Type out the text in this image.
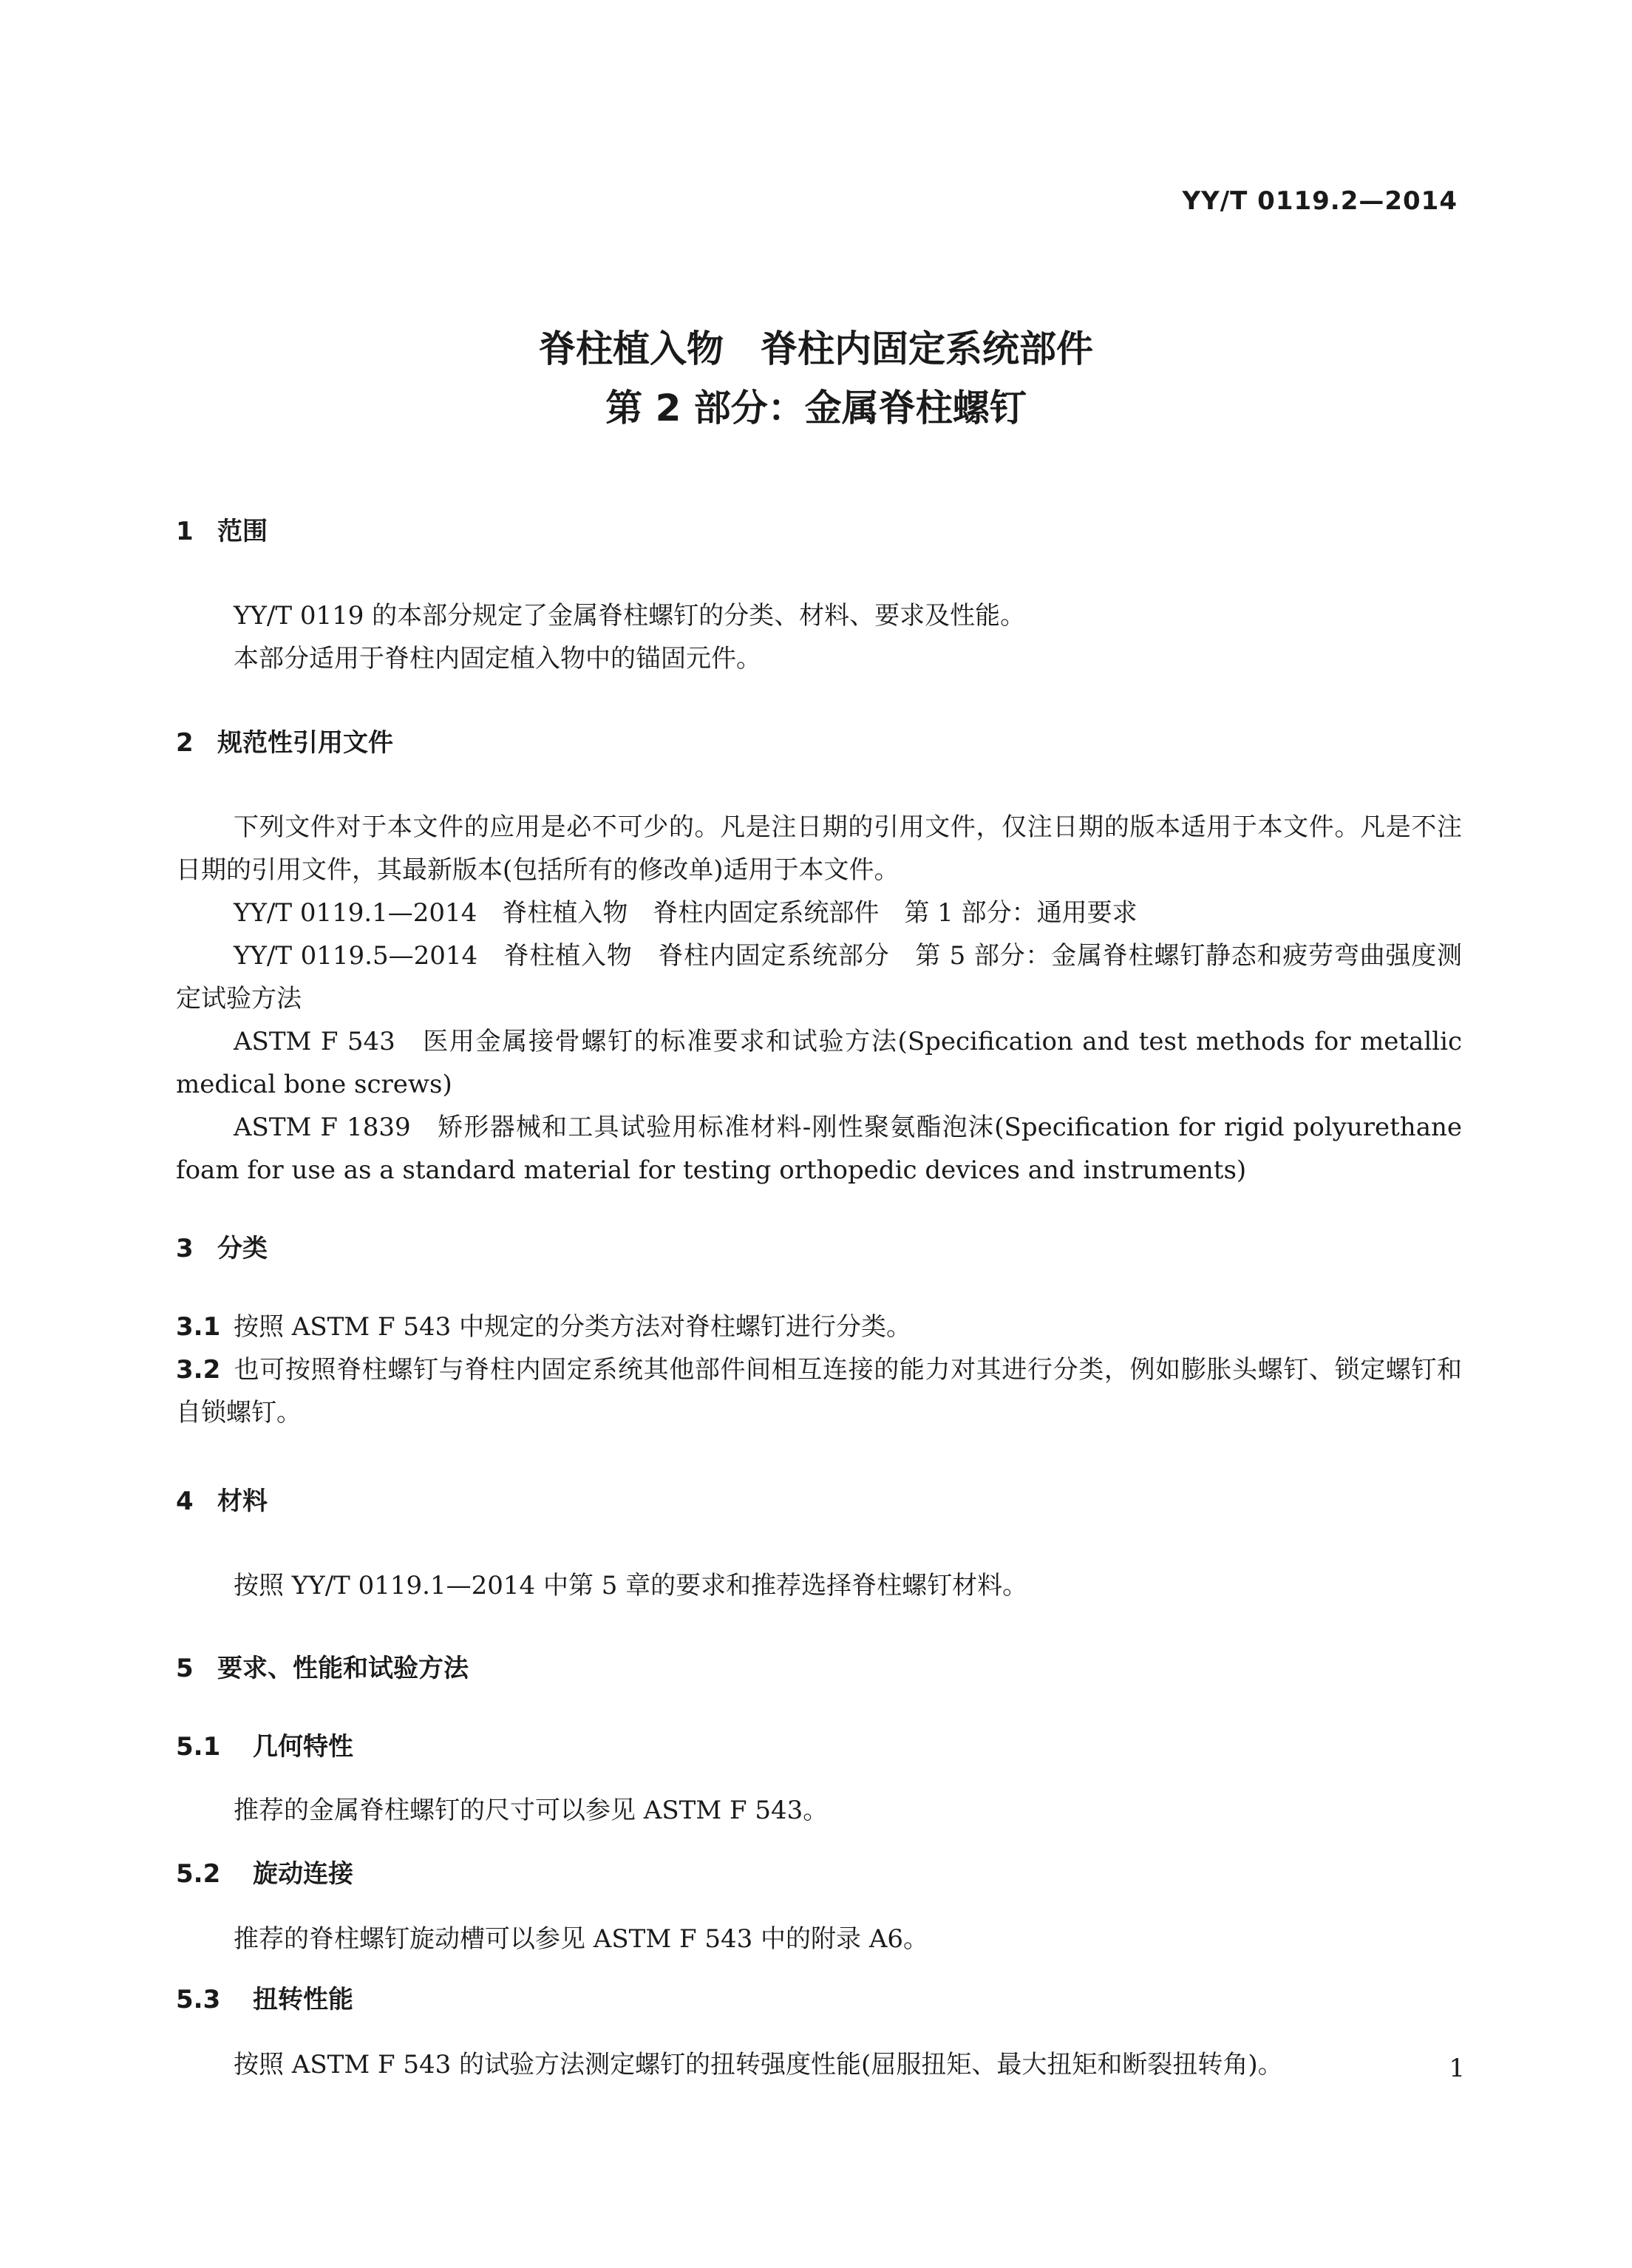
YY/T 0119.2—2014
脊柱植入物　脊柱内固定系统部件
第 2 部分：金属脊柱螺钉
1 范围

YY/T 0119 的本部分规定了金属脊柱螺钉的分类、材料、要求及性能。

本部分适用于脊柱内固定植入物中的锚固元件。

2 规范性引用文件

下列文件对于本文件的应用是必不可少的。凡是注日期的引用文件，仅注日期的版本适用于本文件。凡是不注日期的引用文件，其最新版本(包括所有的修改单)适用于本文件。

YY/T 0119.1—2014　脊柱植入物　脊柱内固定系统部件　第 1 部分：通用要求

YY/T 0119.5—2014　脊柱植入物　脊柱内固定系统部分　第 5 部分：金属脊柱螺钉静态和疲劳弯曲强度测定试验方法

ASTM F 543　医用金属接骨螺钉的标准要求和试验方法(Specification and test methods for metallic medical bone screws)

ASTM F 1839　矫形器械和工具试验用标准材料-刚性聚氨酯泡沫(Specification for rigid polyurethane foam for use as a standard material for testing orthopedic devices and instruments)

3 分类

3.1 按照 ASTM F 543 中规定的分类方法对脊柱螺钉进行分类。

3.2 也可按照脊柱螺钉与脊柱内固定系统其他部件间相互连接的能力对其进行分类，例如膨胀头螺钉、锁定螺钉和自锁螺钉。

4 材料

按照 YY/T 0119.1—2014 中第 5 章的要求和推荐选择脊柱螺钉材料。

5 要求、性能和试验方法
5.1 几何特性

推荐的金属脊柱螺钉的尺寸可以参见 ASTM F 543。

5.2 旋动连接

推荐的脊柱螺钉旋动槽可以参见 ASTM F 543 中的附录 A6。

5.3 扭转性能

按照 ASTM F 543 的试验方法测定螺钉的扭转强度性能(屈服扭矩、最大扭矩和断裂扭转角)。	1
